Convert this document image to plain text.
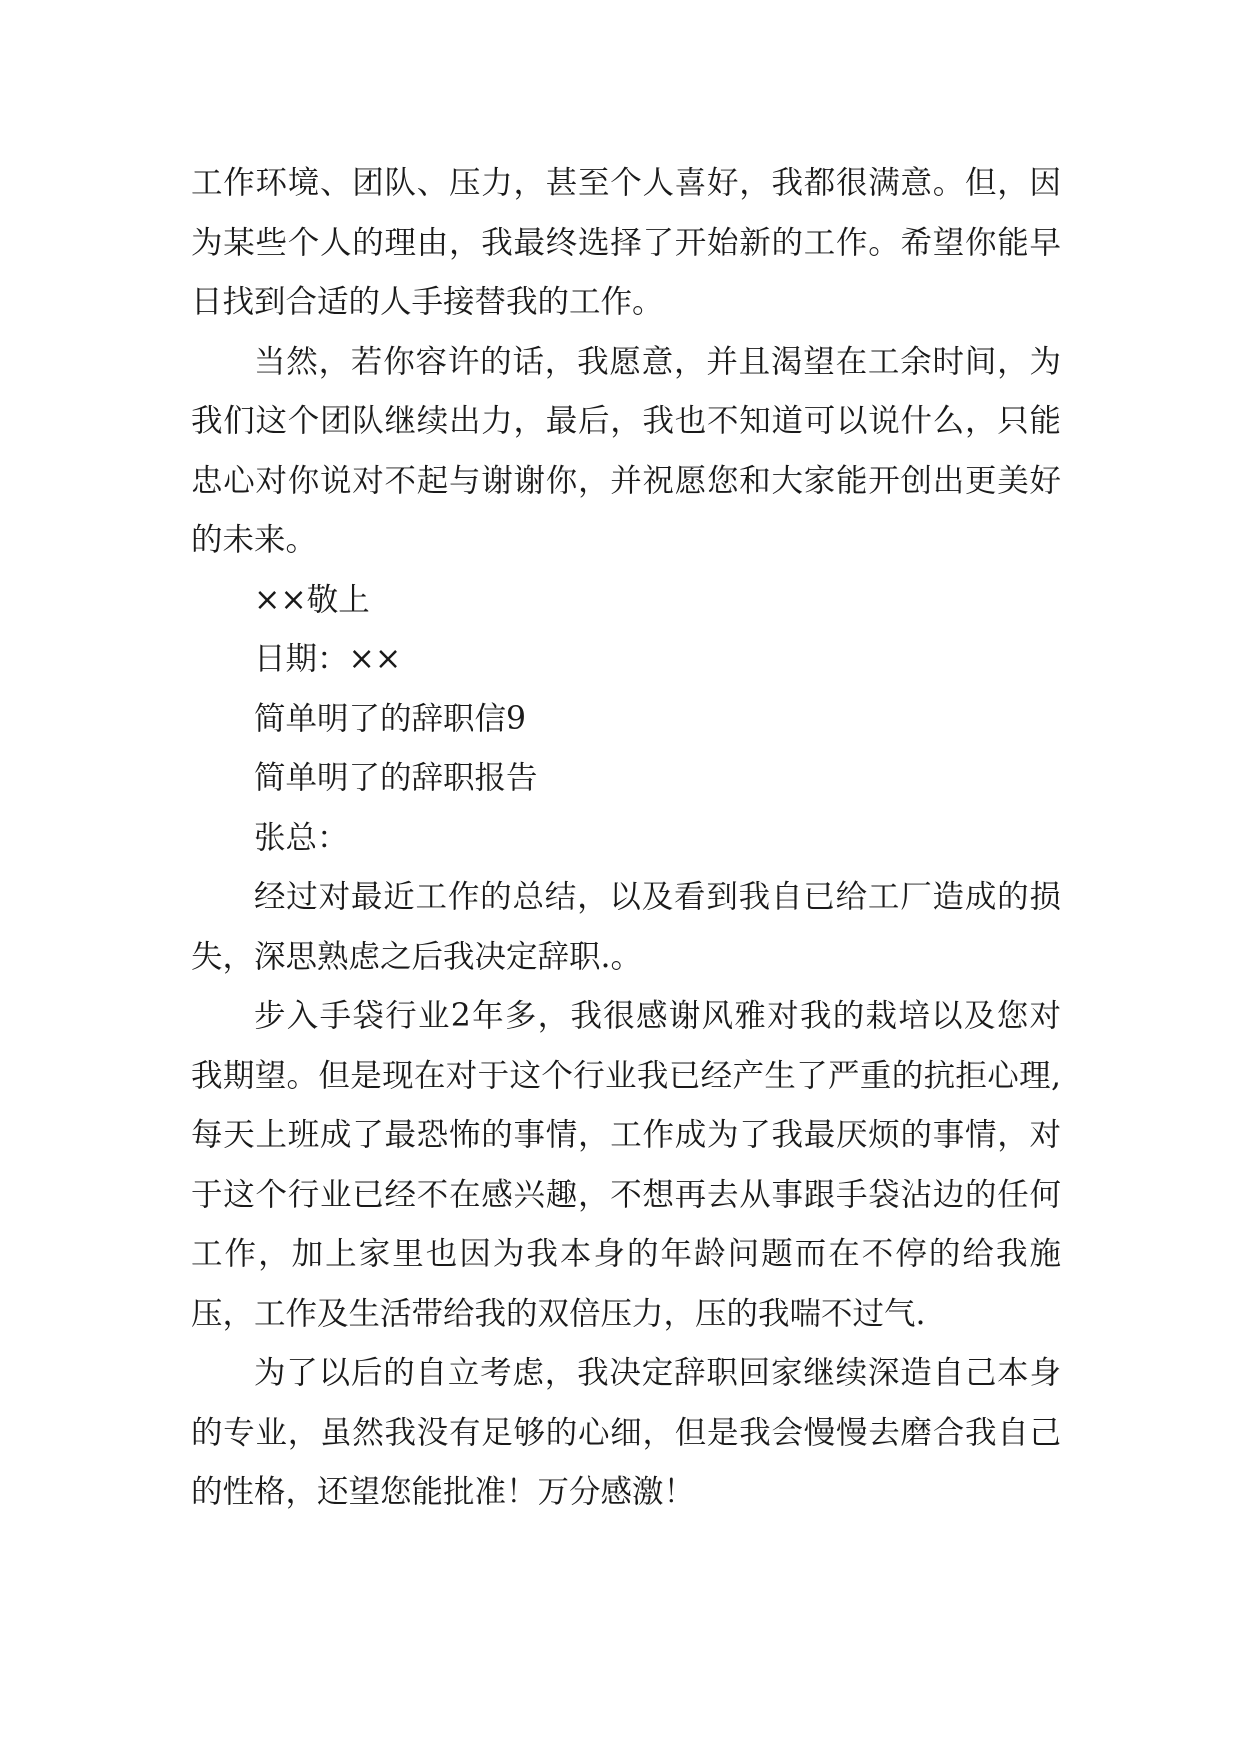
工作环境、团队、压力，甚至个人喜好，我都很满意。但，因为某些个人的理由，我最终选择了开始新的工作。希望你能早日找到合适的人手接替我的工作。

当然，若你容许的话，我愿意，并且渴望在工余时间，为我们这个团队继续出力，最后，我也不知道可以说什么，只能忠心对你说对不起与谢谢你，并祝愿您和大家能开创出更美好的未来。

××敬上

日期：××

简单明了的辞职信9

简单明了的辞职报告

张总：

经过对最近工作的总结，以及看到我自已给工厂造成的损失，深思熟虑之后我决定辞职.。

步入手袋行业2年多，我很感谢风雅对我的栽培以及您对我期望。但是现在对于这个行业我已经产生了严重的抗拒心理,每天上班成了最恐怖的事情，工作成为了我最厌烦的事情，对于这个行业已经不在感兴趣，不想再去从事跟手袋沾边的任何工作，加上家里也因为我本身的年龄问题而在不停的给我施压，工作及生活带给我的双倍压力，压的我喘不过气.

为了以后的自立考虑，我决定辞职回家继续深造自己本身的专业，虽然我没有足够的心细，但是我会慢慢去磨合我自己的性格，还望您能批准！万分感激！
